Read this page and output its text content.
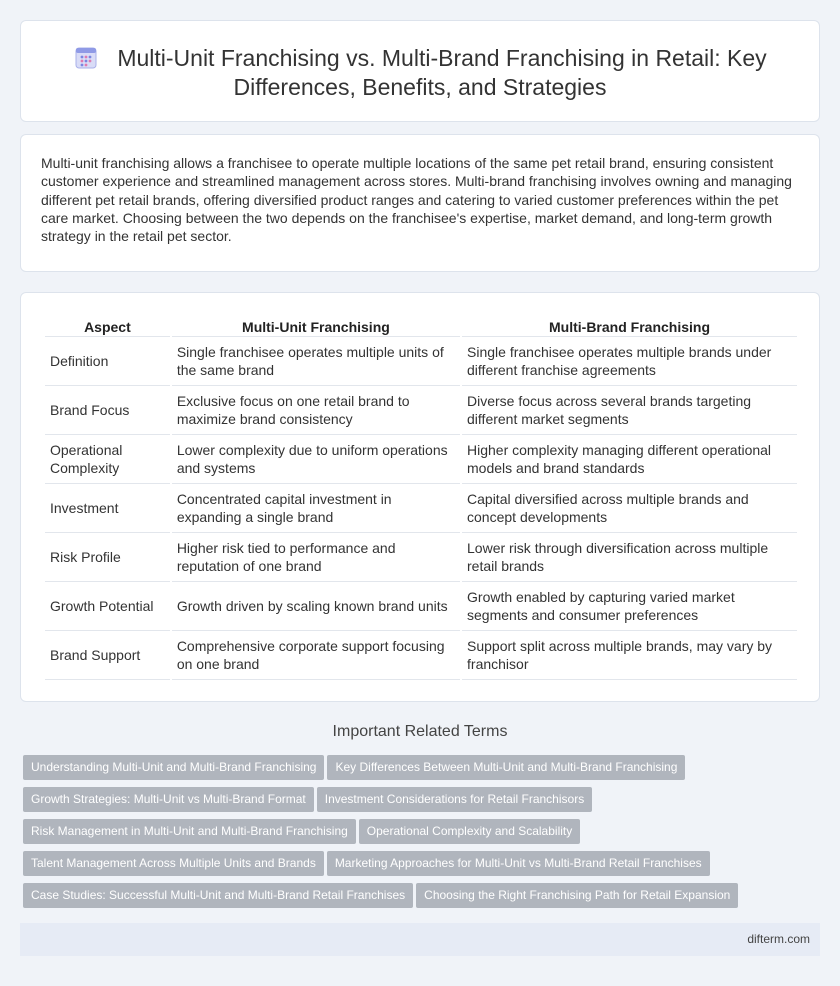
Multi-Unit Franchising vs. Multi-Brand Franchising in Retail: Key Differences, Benefits, and Strategies

Multi-unit franchising allows a franchisee to operate multiple locations of the same pet retail brand, ensuring consistent customer experience and streamlined management across stores. Multi-brand franchising involves owning and managing different pet retail brands, offering diversified product ranges and catering to varied customer preferences within the pet care market. Choosing between the two depends on the franchisee's expertise, market demand, and long-term growth strategy in the retail pet sector.

Aspect	Multi-Unit Franchising	Multi-Brand Franchising
Definition	Single franchisee operates multiple units of the same brand	Single franchisee operates multiple brands under different franchise agreements
Brand Focus	Exclusive focus on one retail brand to maximize brand consistency	Diverse focus across several brands targeting different market segments
Operational Complexity	Lower complexity due to uniform operations and systems	Higher complexity managing different operational models and brand standards
Investment	Concentrated capital investment in expanding a single brand	Capital diversified across multiple brands and concept developments
Risk Profile	Higher risk tied to performance and reputation of one brand	Lower risk through diversification across multiple retail brands
Growth Potential	Growth driven by scaling known brand units	Growth enabled by capturing varied market segments and consumer preferences
Brand Support	Comprehensive corporate support focusing on one brand	Support split across multiple brands, may vary by franchisor
Important Related Terms
Understanding Multi-Unit and Multi-Brand Franchising Key Differences Between Multi-Unit and Multi-Brand Franchising
Growth Strategies: Multi-Unit vs Multi-Brand Format Investment Considerations for Retail Franchisors
Risk Management in Multi-Unit and Multi-Brand Franchising Operational Complexity and Scalability
Talent Management Across Multiple Units and Brands Marketing Approaches for Multi-Unit vs Multi-Brand Retail Franchises
Case Studies: Successful Multi-Unit and Multi-Brand Retail Franchises Choosing the Right Franchising Path for Retail Expansion
difterm.com
